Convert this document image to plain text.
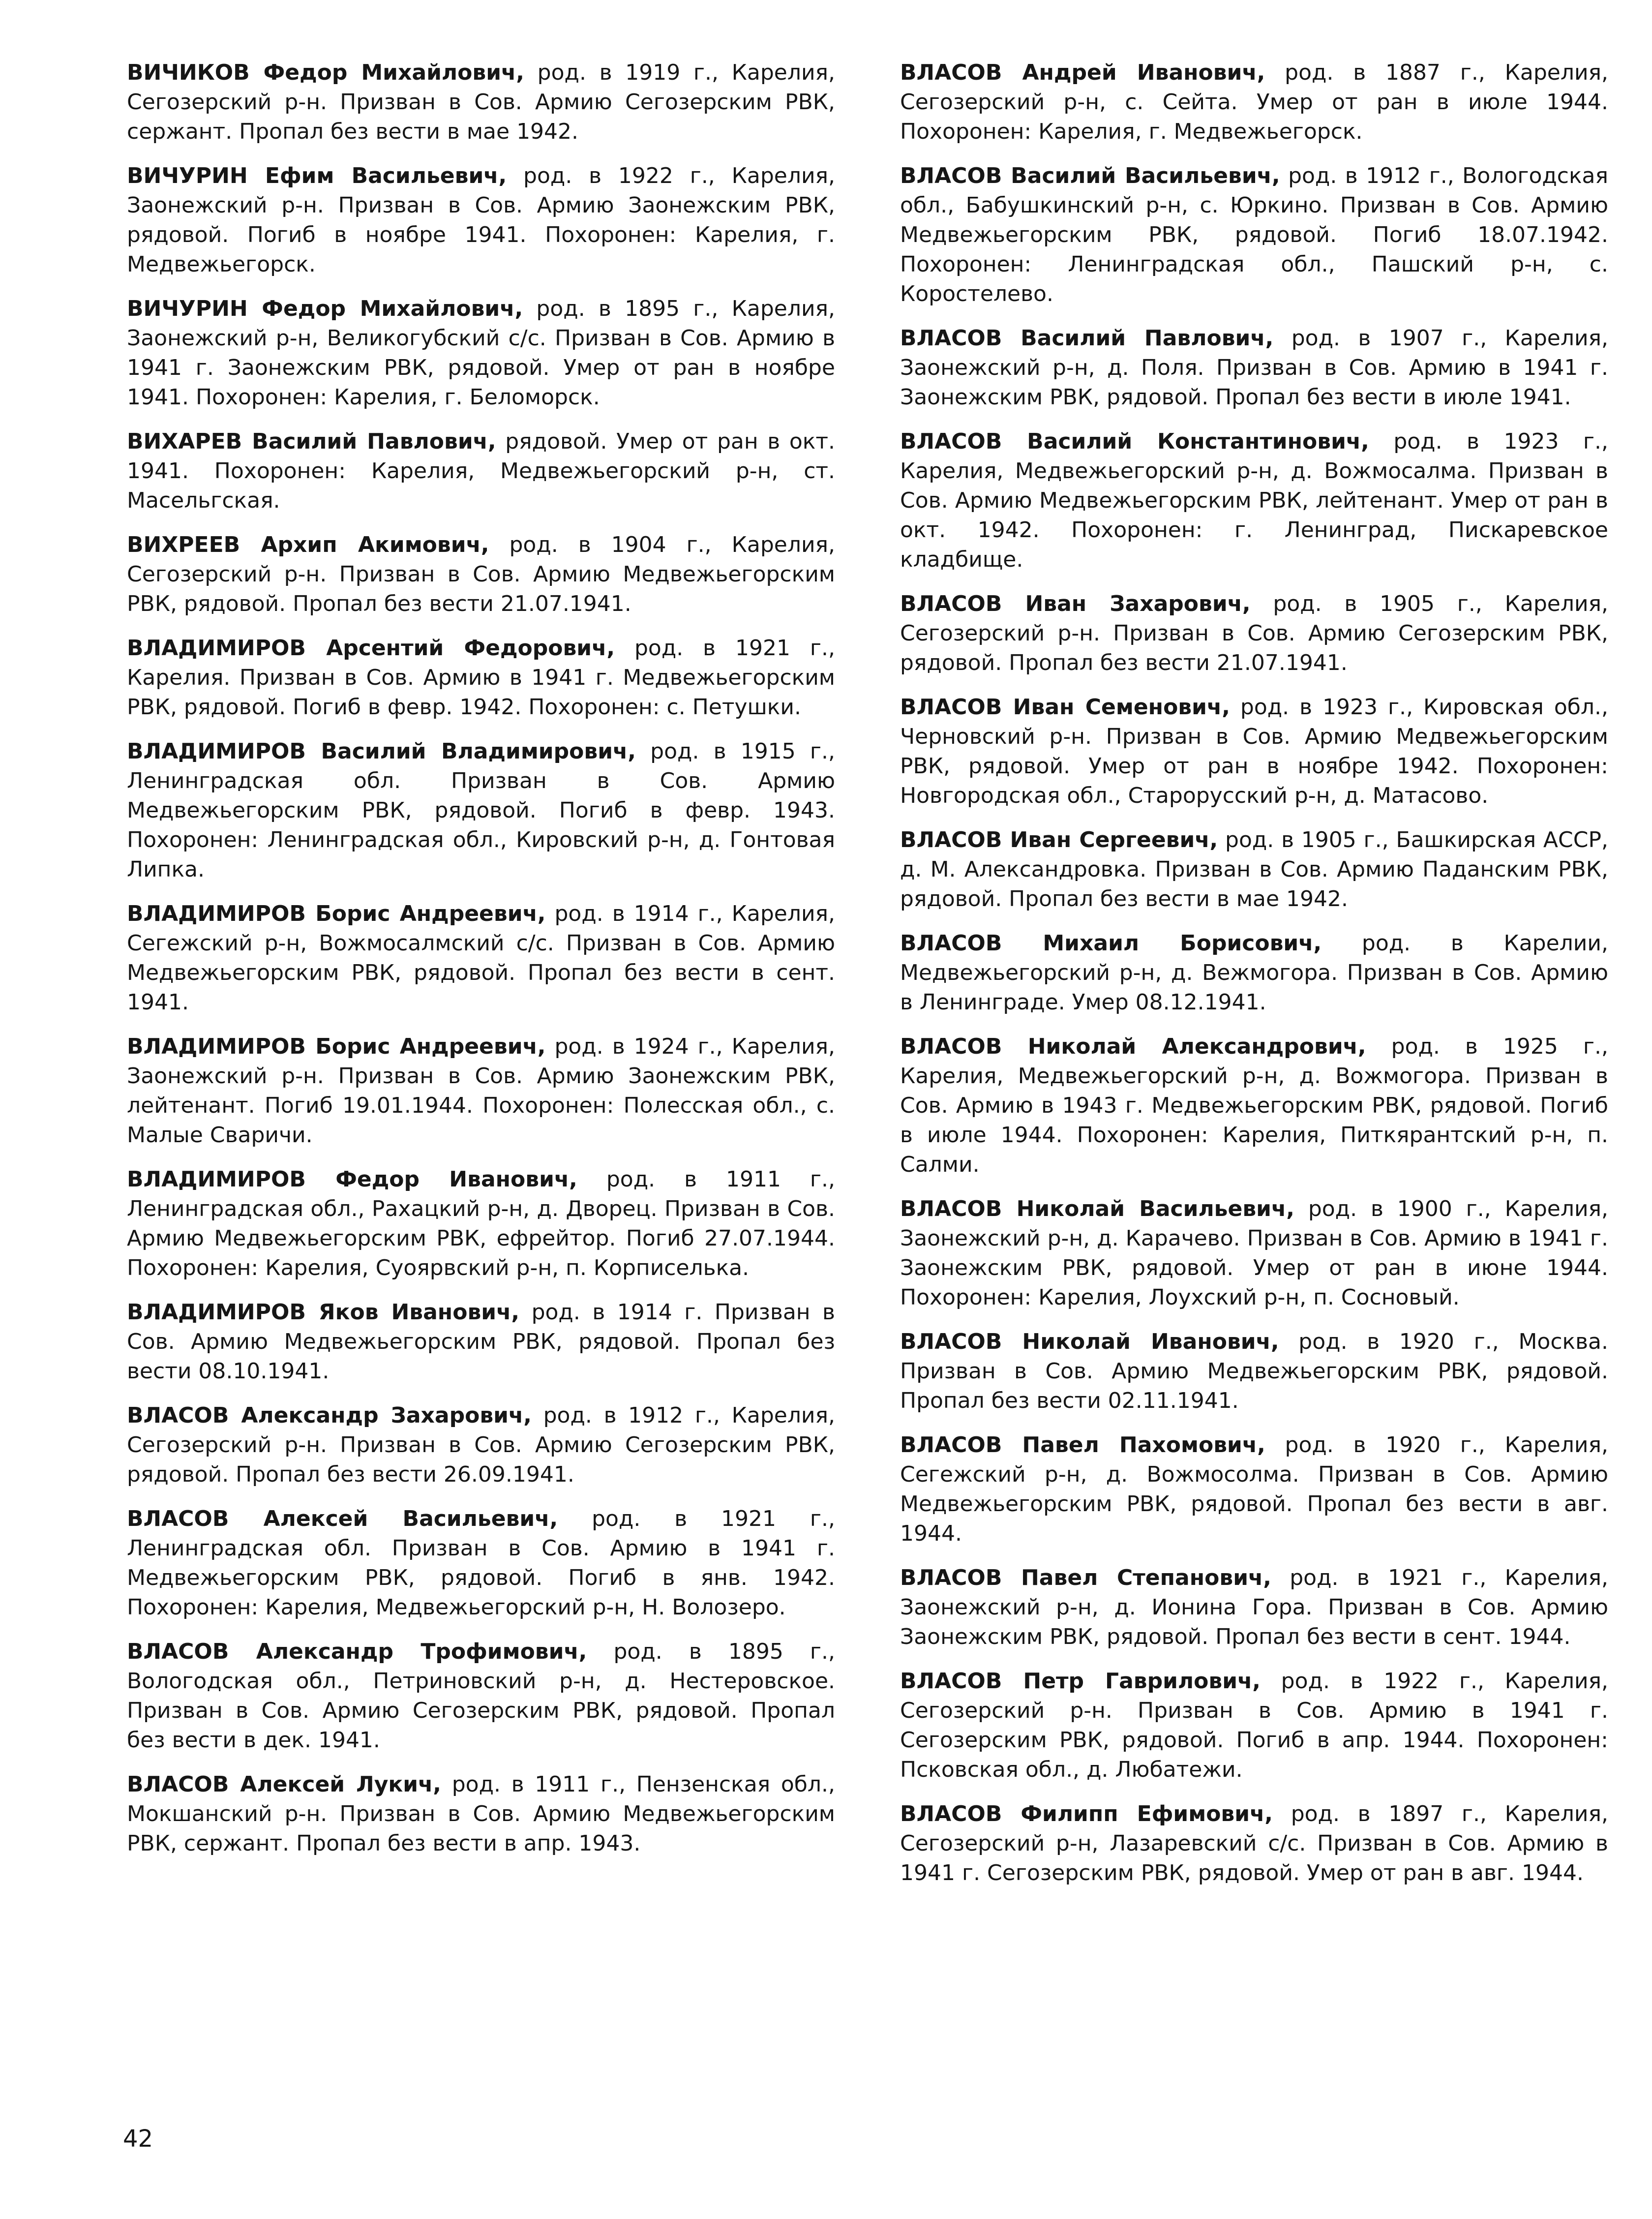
ВИЧИКОВ Федор Михайлович, род. в 1919 г., Карелия, Сегозерский р-н. Призван в Сов. Армию Сегозерским РВК, сержант. Пропал без вести в мае 1942.

ВИЧУРИН Ефим Васильевич, род. в 1922 г., Карелия, Заонежский р-н. Призван в Сов. Армию Заонежским РВК, рядовой. Погиб в ноябре 1941. Похоронен: Карелия, г. Медвежьегорск.

ВИЧУРИН Федор Михайлович, род. в 1895 г., Карелия, Заонежский р-н, Великогубский с/с. Призван в Сов. Армию в 1941 г. Заонежским РВК, рядовой. Умер от ран в ноябре 1941. Похоронен: Карелия, г. Беломорск.

ВИХАРЕВ Василий Павлович, рядовой. Умер от ран в окт. 1941. Похоронен: Карелия, Медвежьегорский р-н, ст. Масельгская.

ВИХРЕЕВ Архип Акимович, род. в 1904 г., Карелия, Сегозерский р-н. Призван в Сов. Армию Медвежьегорским РВК, рядовой. Пропал без вести 21.07.1941.

ВЛАДИМИРОВ Арсентий Федорович, род. в 1921 г., Карелия. Призван в Сов. Армию в 1941 г. Медвежьегорским РВК, рядовой. Погиб в февр. 1942. Похоронен: с. Петушки.

ВЛАДИМИРОВ Василий Владимирович, род. в 1915 г., Ленинградская обл. Призван в Сов. Армию Медвежьегорским РВК, рядовой. Погиб в февр. 1943. Похоронен: Ленинградская обл., Кировский р-н, д. Гонтовая Липка.

ВЛАДИМИРОВ Борис Андреевич, род. в 1914 г., Карелия, Сегежский р-н, Вожмосалмский с/с. Призван в Сов. Армию Медвежьегорским РВК, рядовой. Пропал без вести в сент. 1941.

ВЛАДИМИРОВ Борис Андреевич, род. в 1924 г., Карелия, Заонежский р-н. Призван в Сов. Армию Заонежским РВК, лейтенант. Погиб 19.01.1944. Похоронен: Полесская обл., с. Малые Сваричи.

ВЛАДИМИРОВ Федор Иванович, род. в 1911 г., Ленинградская обл., Рахацкий р-н, д. Дворец. Призван в Сов. Армию Медвежьегорским РВК, ефрейтор. Погиб 27.07.1944. Похоронен: Карелия, Суоярвский р-н, п. Корписелька.

ВЛАДИМИРОВ Яков Иванович, род. в 1914 г. Призван в Сов. Армию Медвежьегорским РВК, рядовой. Пропал без вести 08.10.1941.

ВЛАСОВ Александр Захарович, род. в 1912 г., Карелия, Сегозерский р-н. Призван в Сов. Армию Сегозерским РВК, рядовой. Пропал без вести 26.09.1941.

ВЛАСОВ Алексей Васильевич, род. в 1921 г., Ленинградская обл. Призван в Сов. Армию в 1941 г. Медвежьегорским РВК, рядовой. Погиб в янв. 1942. Похоронен: Карелия, Медвежьегорский р-н, Н. Волозеро.

ВЛАСОВ Александр Трофимович, род. в 1895 г., Вологодская обл., Петриновский р-н, д. Нестеровское. Призван в Сов. Армию Сегозерским РВК, рядовой. Пропал без вести в дек. 1941.

ВЛАСОВ Алексей Лукич, род. в 1911 г., Пензенская обл., Мокшанский р-н. Призван в Сов. Армию Медвежьегорским РВК, сержант. Пропал без вести в апр. 1943.

ВЛАСОВ Андрей Иванович, род. в 1887 г., Карелия, Сегозерский р-н, с. Сейта. Умер от ран в июле 1944. Похоронен: Карелия, г. Медвежьегорск.

ВЛАСОВ Василий Васильевич, род. в 1912 г., Вологодская обл., Бабушкинский р-н, с. Юркино. Призван в Сов. Армию Медвежьегорским РВК, рядовой. Погиб 18.07.1942. Похоронен: Ленинградская обл., Пашский р-н, с. Коростелево.

ВЛАСОВ Василий Павлович, род. в 1907 г., Карелия, Заонежский р-н, д. Поля. Призван в Сов. Армию в 1941 г. Заонежским РВК, рядовой. Пропал без вести в июле 1941.

ВЛАСОВ Василий Константинович, род. в 1923 г., Карелия, Медвежьегорский р-н, д. Вожмосалма. Призван в Сов. Армию Медвежьегорским РВК, лейтенант. Умер от ран в окт. 1942. Похоронен: г. Ленинград, Пискаревское кладбище.

ВЛАСОВ Иван Захарович, род. в 1905 г., Карелия, Сегозерский р-н. Призван в Сов. Армию Сегозерским РВК, рядовой. Пропал без вести 21.07.1941.

ВЛАСОВ Иван Семенович, род. в 1923 г., Кировская обл., Черновский р-н. Призван в Сов. Армию Медвежьегорским РВК, рядовой. Умер от ран в ноябре 1942. Похоронен: Новгородская обл., Старорусский р-н, д. Матасово.

ВЛАСОВ Иван Сергеевич, род. в 1905 г., Башкирская АССР, д. М. Александровка. Призван в Сов. Армию Паданским РВК, рядовой. Пропал без вести в мае 1942.

ВЛАСОВ Михаил Борисович, род. в Карелии, Медвежьегорский р-н, д. Вежмогора. Призван в Сов. Армию в Ленинграде. Умер 08.12.1941.

ВЛАСОВ Николай Александрович, род. в 1925 г., Карелия, Медвежьегорский р-н, д. Вожмогора. Призван в Сов. Армию в 1943 г. Медвежьегорским РВК, рядовой. Погиб в июле 1944. Похоронен: Карелия, Питкярантский р-н, п. Салми.

ВЛАСОВ Николай Васильевич, род. в 1900 г., Карелия, Заонежский р-н, д. Карачево. Призван в Сов. Армию в 1941 г. Заонежским РВК, рядовой. Умер от ран в июне 1944. Похоронен: Карелия, Лоухский р-н, п. Сосновый.

ВЛАСОВ Николай Иванович, род. в 1920 г., Москва. Призван в Сов. Армию Медвежьегорским РВК, рядовой. Пропал без вести 02.11.1941.

ВЛАСОВ Павел Пахомович, род. в 1920 г., Карелия, Сегежский р-н, д. Вожмосолма. Призван в Сов. Армию Медвежьегорским РВК, рядовой. Пропал без вести в авг. 1944.

ВЛАСОВ Павел Степанович, род. в 1921 г., Карелия, Заонежский р-н, д. Ионина Гора. Призван в Сов. Армию Заонежским РВК, рядовой. Пропал без вести в сент. 1944.

ВЛАСОВ Петр Гаврилович, род. в 1922 г., Карелия, Сегозерский р-н. Призван в Сов. Армию в 1941 г. Сегозерским РВК, рядовой. Погиб в апр. 1944. Похоронен: Псковская обл., д. Любатежи.

ВЛАСОВ Филипп Ефимович, род. в 1897 г., Карелия, Сегозерский р-н, Лазаревский с/с. Призван в Сов. Армию в 1941 г. Сегозерским РВК, рядовой. Умер от ран в авг. 1944.

42
